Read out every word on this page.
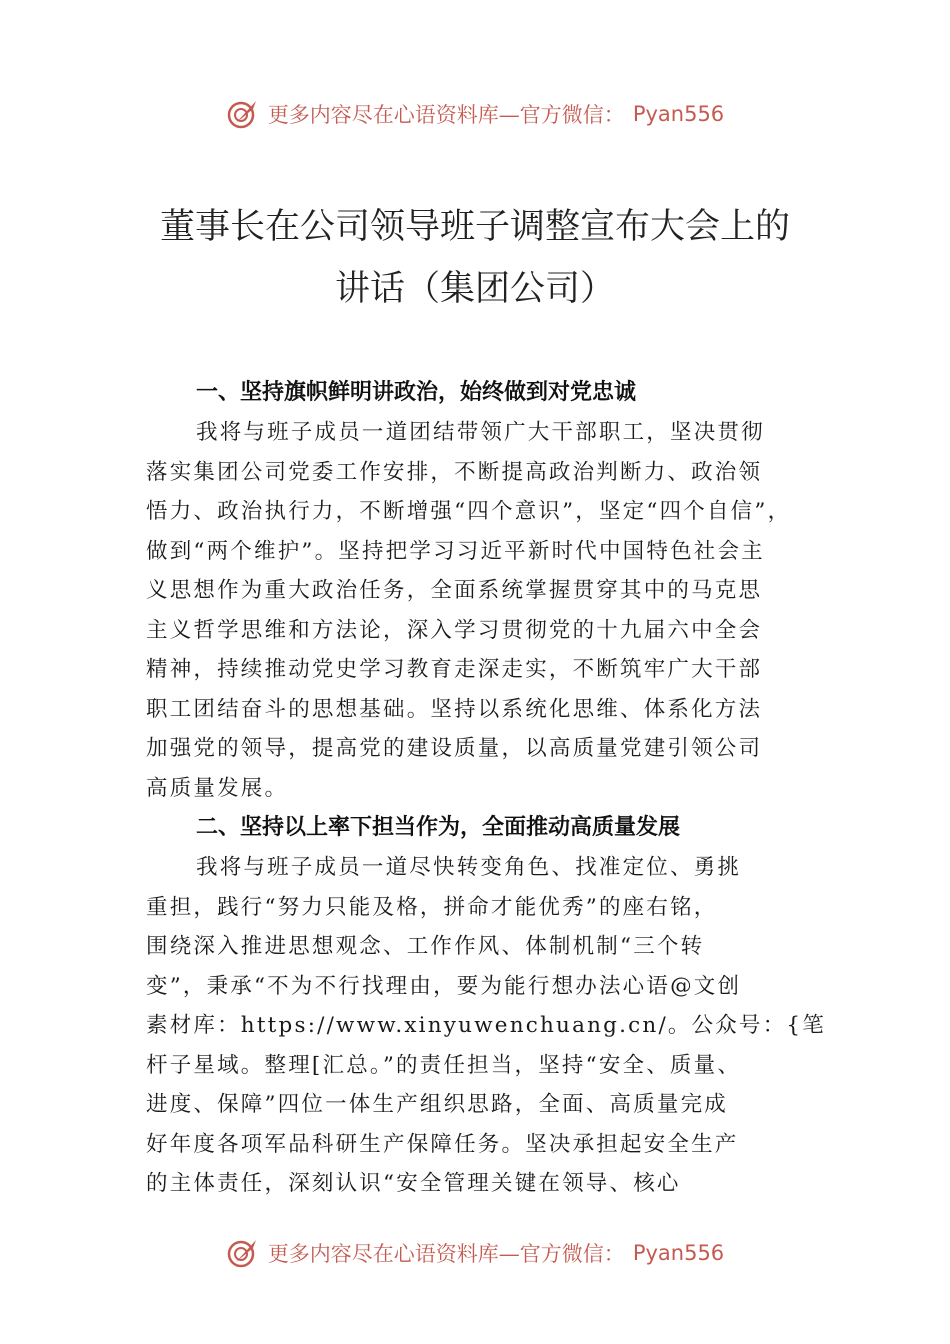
更多内容尽在心语资料库—官方微信： Pyan556
董事长在公司领导班子调整宣布大会上的
讲话（集团公司）
一、坚持旗帜鲜明讲政治，始终做到对党忠诚
我将与班子成员一道团结带领广大干部职工，坚决贯彻
落实集团公司党委工作安排，不断提高政治判断力、政治领
悟力、政治执行力，不断增强“四个意识”，坚定“四个自信”，
做到“两个维护”。坚持把学习习近平新时代中国特色社会主
义思想作为重大政治任务，全面系统掌握贯穿其中的马克思
主义哲学思维和方法论，深入学习贯彻党的十九届六中全会
精神，持续推动党史学习教育走深走实，不断筑牢广大干部
职工团结奋斗的思想基础。坚持以系统化思维、体系化方法
加强党的领导，提高党的建设质量，以高质量党建引领公司
高质量发展。
二、坚持以上率下担当作为，全面推动高质量发展
我将与班子成员一道尽快转变角色、找准定位、勇挑
重担，践行“努力只能及格，拼命才能优秀”的座右铭，
围绕深入推进思想观念、工作作风、体制机制“三个转
变”，秉承“不为不行找理由，要为能行想办法心语@文创
素材库：https://www.xinyuwenchuang.cn/。公众号：{笔
杆子星域。整理[汇总。”的责任担当，坚持“安全、质量、
进度、保障”四位一体生产组织思路，全面、高质量完成
好年度各项军品科研生产保障任务。坚决承担起安全生产
的主体责任，深刻认识“安全管理关键在领导、核心
更多内容尽在心语资料库—官方微信： Pyan556
